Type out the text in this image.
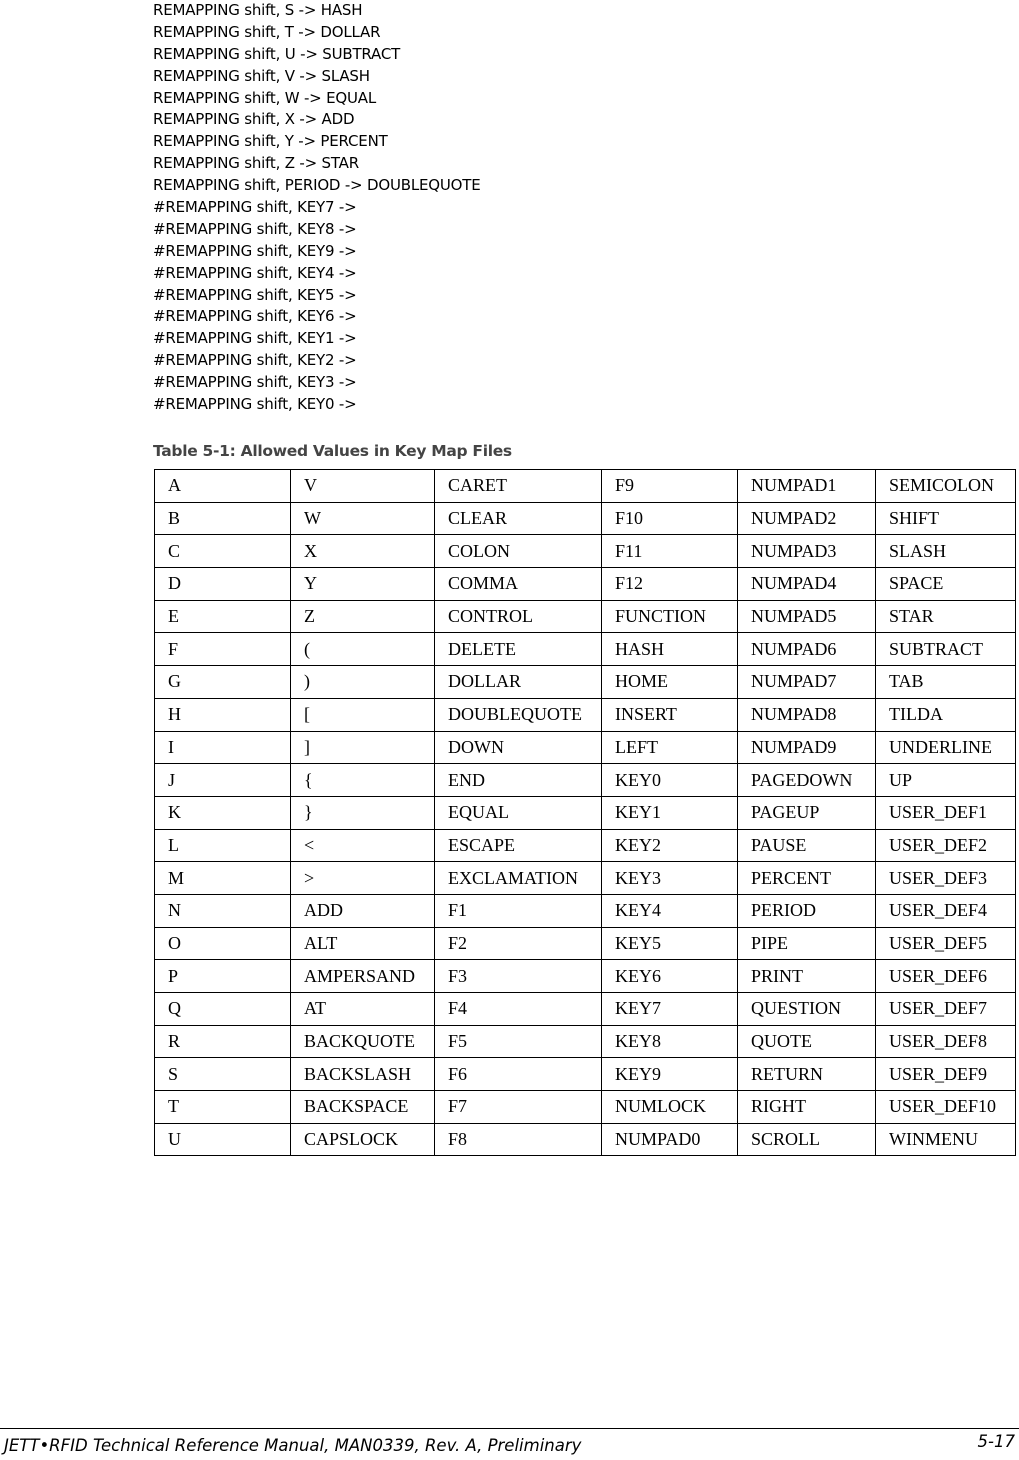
REMAPPING shift, S -> HASH
REMAPPING shift, T -> DOLLAR
REMAPPING shift, U -> SUBTRACT
REMAPPING shift, V -> SLASH
REMAPPING shift, W -> EQUAL
REMAPPING shift, X -> ADD
REMAPPING shift, Y -> PERCENT
REMAPPING shift, Z -> STAR
REMAPPING shift, PERIOD -> DOUBLEQUOTE
#REMAPPING shift, KEY7 ->
#REMAPPING shift, KEY8 ->
#REMAPPING shift, KEY9 ->
#REMAPPING shift, KEY4 ->
#REMAPPING shift, KEY5 ->
#REMAPPING shift, KEY6 ->
#REMAPPING shift, KEY1 ->
#REMAPPING shift, KEY2 ->
#REMAPPING shift, KEY3 ->
#REMAPPING shift, KEY0 ->
Table 5-1: Allowed Values in Key Map Files
A	V	CARET	F9	NUMPAD1	SEMICOLON
B	W	CLEAR	F10	NUMPAD2	SHIFT
C	X	COLON	F11	NUMPAD3	SLASH
D	Y	COMMA	F12	NUMPAD4	SPACE
E	Z	CONTROL	FUNCTION	NUMPAD5	STAR
F	(	DELETE	HASH	NUMPAD6	SUBTRACT
G	)	DOLLAR	HOME	NUMPAD7	TAB
H	[	DOUBLEQUOTE	INSERT	NUMPAD8	TILDA
I	]	DOWN	LEFT	NUMPAD9	UNDERLINE
J	{	END	KEY0	PAGEDOWN	UP
K	}	EQUAL	KEY1	PAGEUP	USER_DEF1
L	<	ESCAPE	KEY2	PAUSE	USER_DEF2
M	>	EXCLAMATION	KEY3	PERCENT	USER_DEF3
N	ADD	F1	KEY4	PERIOD	USER_DEF4
O	ALT	F2	KEY5	PIPE	USER_DEF5
P	AMPERSAND	F3	KEY6	PRINT	USER_DEF6
Q	AT	F4	KEY7	QUESTION	USER_DEF7
R	BACKQUOTE	F5	KEY8	QUOTE	USER_DEF8
S	BACKSLASH	F6	KEY9	RETURN	USER_DEF9
T	BACKSPACE	F7	NUMLOCK	RIGHT	USER_DEF10
U	CAPSLOCK	F8	NUMPAD0	SCROLL	WINMENU
JETT•RFID Technical Reference Manual, MAN0339, Rev. A, Preliminary	5-17
